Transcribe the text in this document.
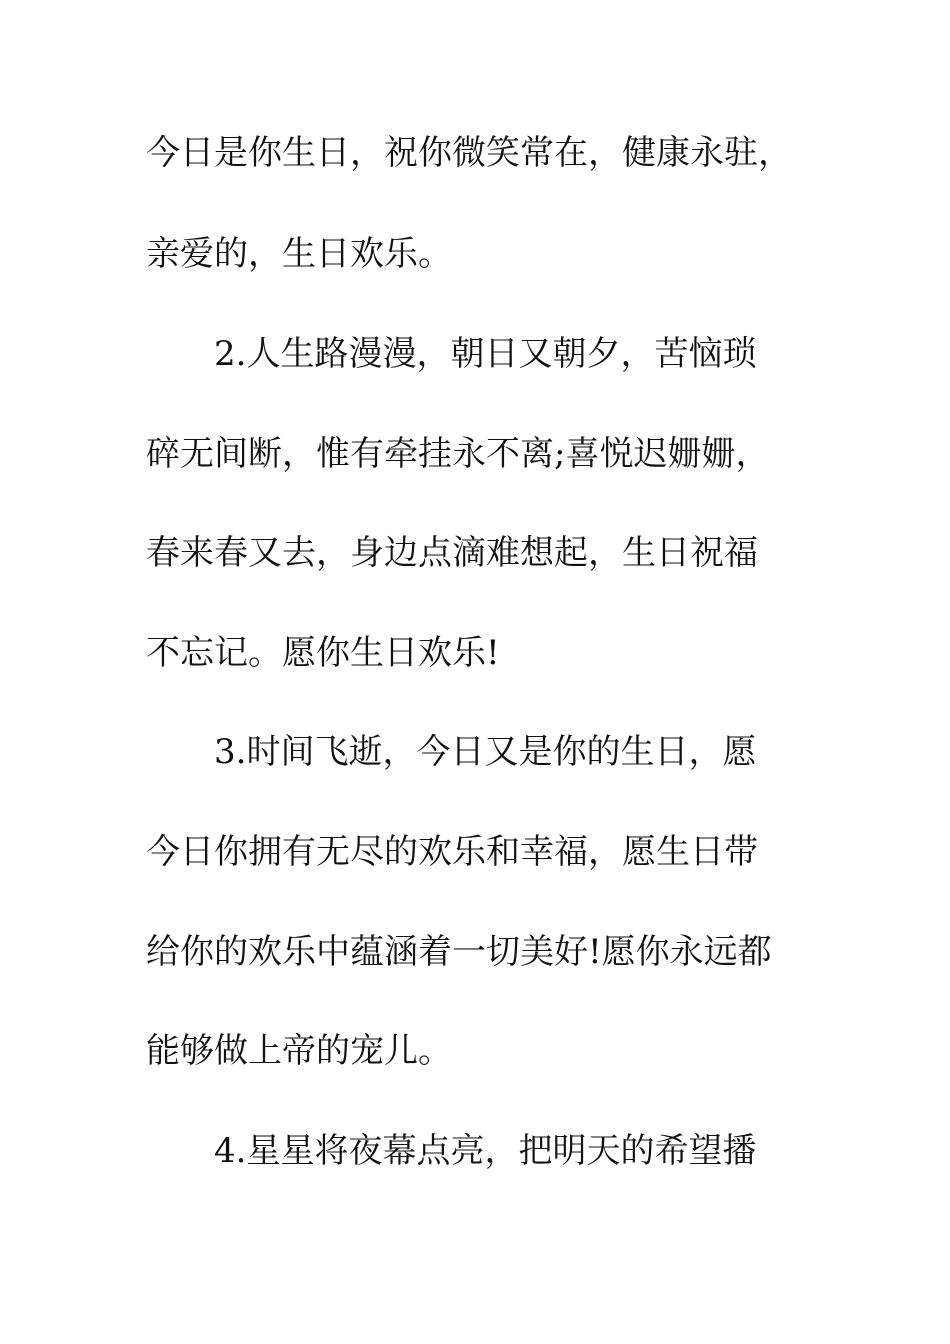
今日是你生日，祝你微笑常在，健康永驻，
亲爱的，生日欢乐。
2.人生路漫漫，朝日又朝夕，苦恼琐
碎无间断，惟有牵挂永不离;喜悦迟姗姗，
春来春又去，身边点滴难想起，生日祝福
不忘记。愿你生日欢乐!
3.时间飞逝，今日又是你的生日，愿
今日你拥有无尽的欢乐和幸福，愿生日带
给你的欢乐中蕴涵着一切美好!愿你永远都
能够做上帝的宠儿。
4.星星将夜幕点亮，把明天的希望播
